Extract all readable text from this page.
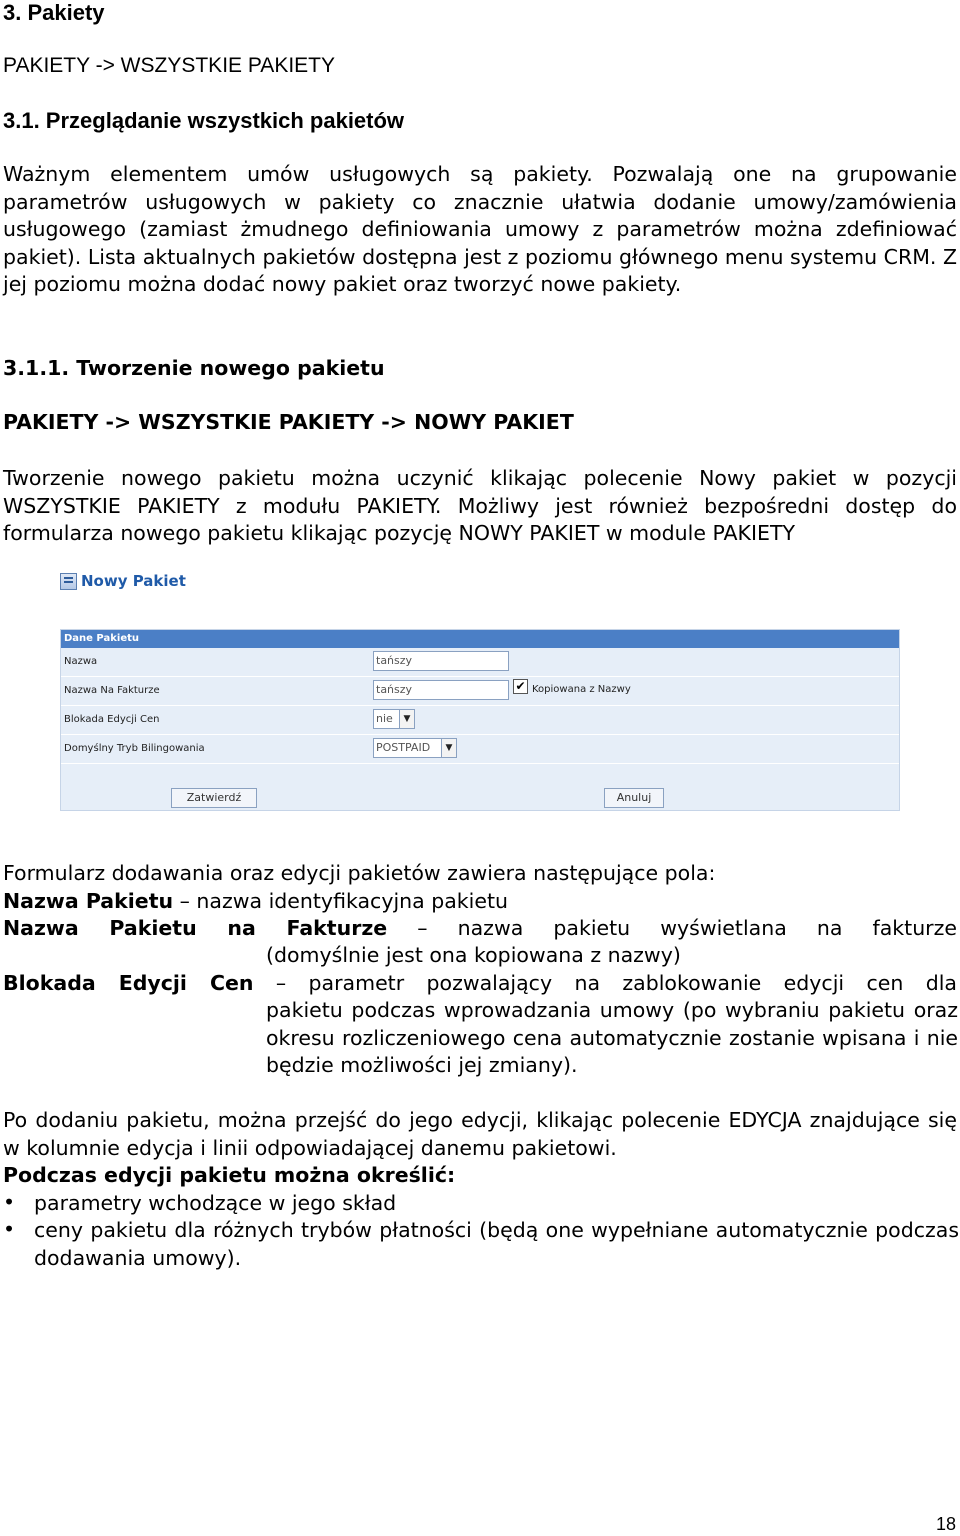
3. Pakiety
PAKIETY -> WSZYSTKIE PAKIETY
3.1. Przeglądanie wszystkich pakietów
Ważnym elementem umów usługowych są pakiety. Pozwalają one na grupowanie parametrów usługowych w pakiety co znacznie ułatwia dodanie umowy/zamówienia usługowego (zamiast żmudnego definiowania umowy z parametrów można zdefiniować pakiet). Lista aktualnych pakietów dostępna jest z poziomu głównego menu systemu CRM. Z jej poziomu można dodać nowy pakiet oraz tworzyć nowe pakiety.
3.1.1. Tworzenie nowego pakietu
PAKIETY -> WSZYSTKIE PAKIETY -> NOWY PAKIET
Tworzenie nowego pakietu można uczynić klikając polecenie Nowy pakiet w pozycji WSZYSTKIE PAKIETY z modułu PAKIETY. Możliwy jest również bezpośredni dostęp do formularza nowego pakietu klikając pozycję NOWY PAKIET w module PAKIETY
Nowy Pakiet
Dane Pakietu
Nazwa	tańszy
Nazwa Na Fakturze	tańszy	✔ Kopiowana z Nazwy
Blokada Edycji Cen	nie	▼
Domyślny Tryb Bilingowania	POSTPAID	▼
Zatwierdź	Anuluj
Formularz dodawania oraz edycji pakietów zawiera następujące pola:
Nazwa Pakietu – nazwa identyfikacyjna pakietu
Nazwa Pakietu na Fakturze – nazwa pakietu wyświetlana na fakturze
(domyślnie jest ona kopiowana z nazwy)
Blokada Edycji Cen – parametr pozwalający na zablokowanie edycji cen dla
pakietu podczas wprowadzania umowy (po wybraniu pakietu oraz okresu rozliczeniowego cena automatycznie zostanie wpisana i nie będzie możliwości jej zmiany).
Po dodaniu pakietu, można przejść do jego edycji, klikając polecenie EDYCJA znajdujące się w kolumnie edycja i linii odpowiadającej danemu pakietowi.
Podczas edycji pakietu można określić:
• parametry wchodzące w jego skład
• ceny pakietu dla różnych trybów płatności (będą one wypełniane automatycznie podczas dodawania umowy).
18
